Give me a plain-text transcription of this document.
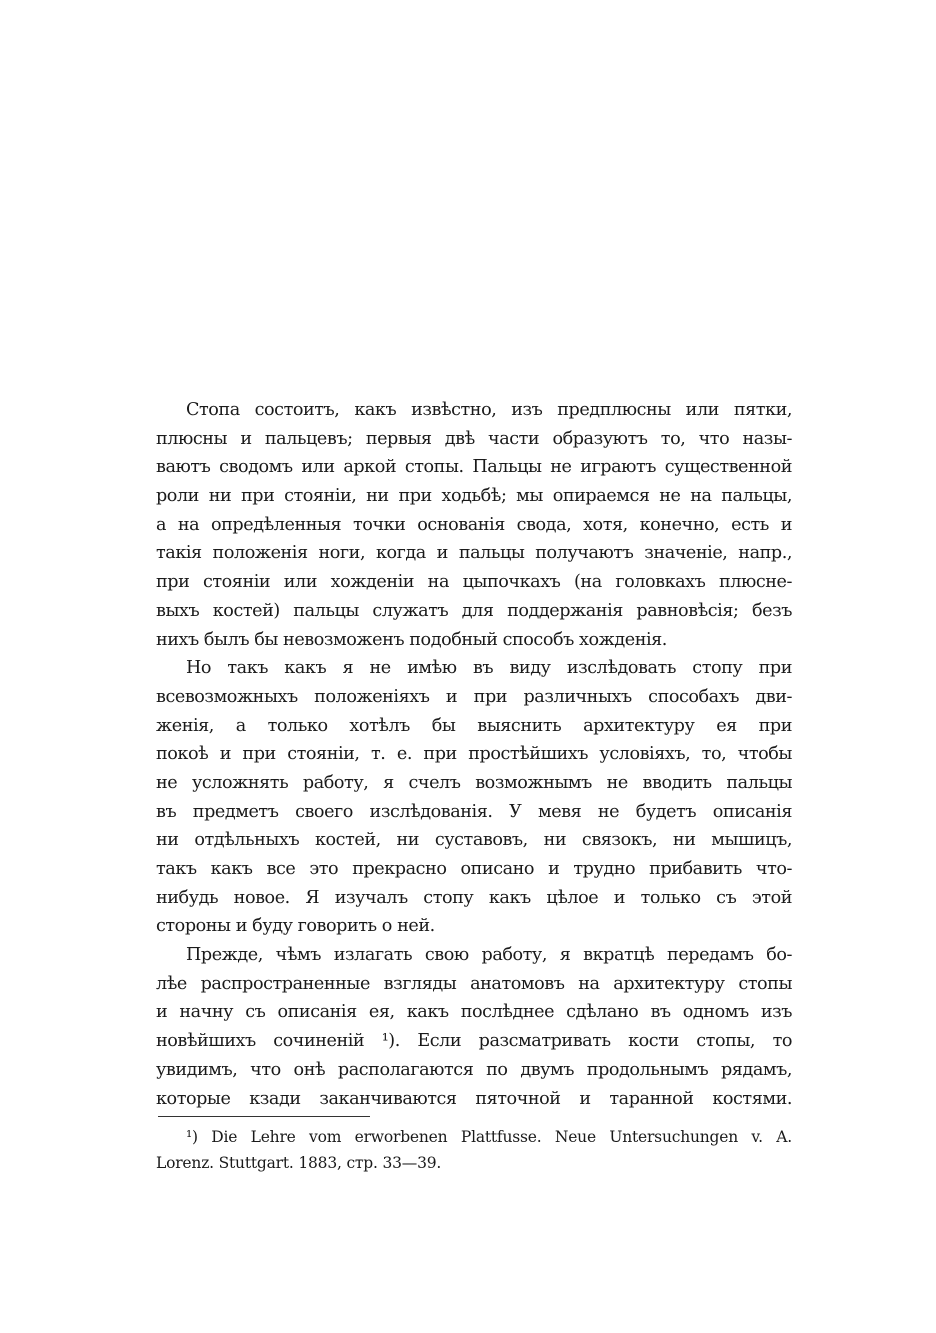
Стопа состоитъ, какъ извѣстно, изъ предплюсны или пятки,
плюсны и пальцевъ; первыя двѣ части образуютъ то, что назы-
ваютъ сводомъ или аркой стопы. Пальцы не играютъ существенной
роли ни при стояніи, ни при ходьбѣ; мы опираемся не на пальцы,
а на опредѣленныя точки основанія свода, хотя, конечно, есть и
такія положенія ноги, когда и пальцы получаютъ значеніе, напр.,
при стояніи или хожденіи на цыпочкахъ (на головкахъ плюсне-
выхъ костей) пальцы служатъ для поддержанія равновѣсія; безъ
нихъ былъ бы невозможенъ подобный способъ хожденія.
Но такъ какъ я не имѣю въ виду изслѣдовать стопу при
всевозможныхъ положеніяхъ и при различныхъ способахъ дви-
женія, а только хотѣлъ бы выяснить архитектуру ея при
покоѣ и при стояніи, т. е. при простѣйшихъ условіяхъ, то, чтобы
не усложнять работу, я счелъ возможнымъ не вводить пальцы
въ предметъ своего изслѣдованія. У мевя не будетъ описанія
ни отдѣльныхъ костей, ни суставовъ, ни связокъ, ни мышицъ,
такъ какъ все это прекрасно описано и трудно прибавить что-
нибудь новое. Я изучалъ стопу какъ цѣлое и только съ этой
стороны и буду говорить о ней.
Прежде, чѣмъ излагать свою работу, я вкратцѣ передамъ бо-
лѣе распространенные взгляды анатомовъ на архитектуру стопы
и начну съ описанія ея, какъ послѣднее сдѣлано въ одномъ изъ
новѣйшихъ сочиненій ¹). Если разсматривать кости стопы, то
увидимъ, что онѣ располагаются по двумъ продольнымъ рядамъ,
которые кзади заканчиваются пяточной и таранной костями.
¹) Die Lehre vom erworbenen Plattfusse. Neue Untersuchungen v. A.
Lorenz. Stuttgart. 1883, стр. 33—39.
